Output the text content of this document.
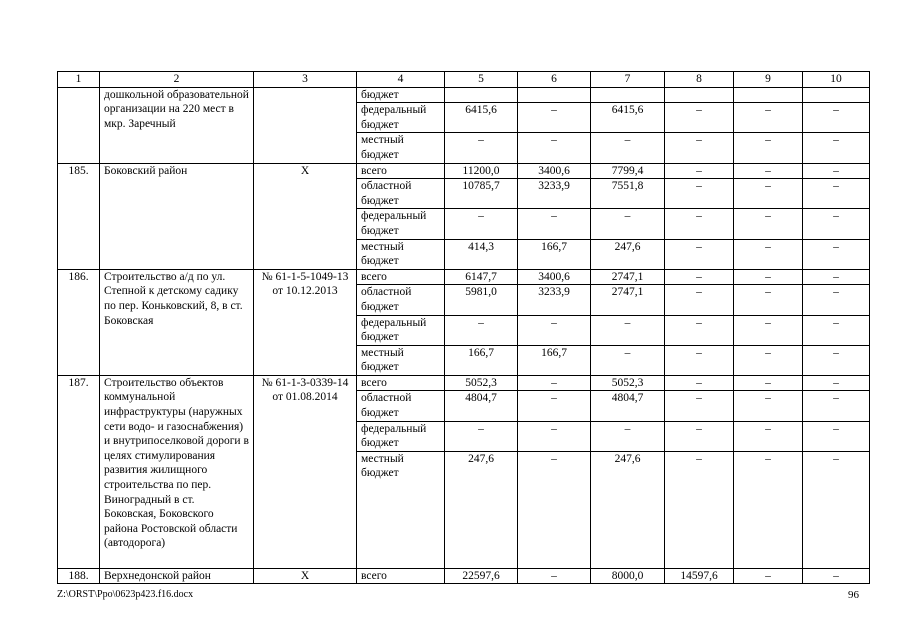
1	2	3	4	5	6	7	8	9	10
	дошкольной образовательной организации на 220 мест в мкр. Заречный		бюджет						
			федеральный бюджет	6415,6	–	6415,6	–	–	–
			местный бюджет	–	–	–	–	–	–
185.	Боковский район	Х	всего	11200,0	3400,6	7799,4	–	–	–
			областной бюджет	10785,7	3233,9	7551,8	–	–	–
			федеральный бюджет	–	–	–	–	–	–
			местный бюджет	414,3	166,7	247,6	–	–	–
186.	Строительство а/д по ул. Степной к детскому садику по пер. Коньковский, 8, в ст. Боковская	№ 61-1-5-1049-13 от 10.12.2013	всего	6147,7	3400,6	2747,1	–	–	–
			областной бюджет	5981,0	3233,9	2747,1	–	–	–
			федеральный бюджет	–	–	–	–	–	–
			местный бюджет	166,7	166,7	–	–	–	–
187.	Строительство объектов коммунальной инфраструктуры (наружных сети водо- и газоснабжения) и внутрипоселковой дороги в целях стимулирования развития жилищного строительства по пер. Виноградный в ст. Боковская, Боковского района Ростовской области (автодорога)	№ 61-1-3-0339-14 от 01.08.2014	всего	5052,3	–	5052,3	–	–	–
			областной бюджет	4804,7	–	4804,7	–	–	–
			федеральный бюджет	–	–	–	–	–	–
			местный бюджет	247,6	–	247,6	–	–	–
188.	Верхнедонской район	Х	всего	22597,6	–	8000,0	14597,6	–	–
Z:\ORST\Ppo\0623p423.f16.docx	96
